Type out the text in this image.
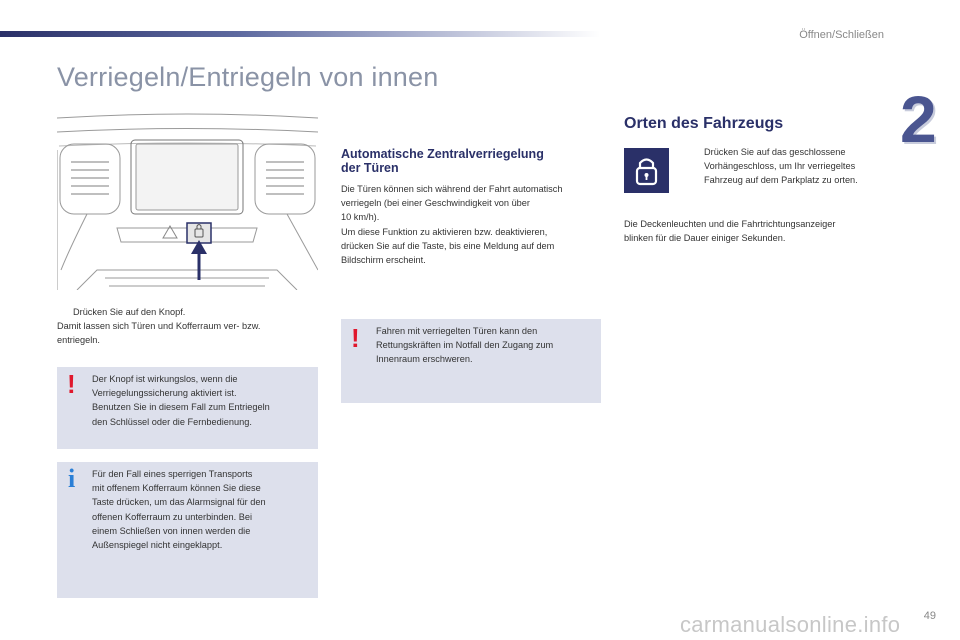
Öffnen/Schließen
2
Verriegeln/Entriegeln von innen
Drücken Sie auf den Knopf.
Damit lassen sich Türen und Kofferraum ver- bzw.
entriegeln.
! Der Knopf ist wirkungslos, wenn die
Verriegelungssicherung aktiviert ist.
Benutzen Sie in diesem Fall zum Entriegeln
den Schlüssel oder die Fernbedienung.
i Für den Fall eines sperrigen Transports
mit offenem Kofferraum können Sie diese
Taste drücken, um das Alarmsignal für den
offenen Kofferraum zu unterbinden. Bei
einem Schließen von innen werden die
Außenspiegel nicht eingeklappt.
Automatische Zentralverriegelung
der Türen
Die Türen können sich während der Fahrt automatisch
verriegeln (bei einer Geschwindigkeit von über
10 km/h).
Um diese Funktion zu aktivieren bzw. deaktivieren,
drücken Sie auf die Taste, bis eine Meldung auf dem
Bildschirm erscheint.
! Fahren mit verriegelten Türen kann den
Rettungskräften im Notfall den Zugang zum
Innenraum erschweren.
Orten des Fahrzeugs
Drücken Sie auf das geschlossene
Vorhängeschloss, um Ihr verriegeltes
Fahrzeug auf dem Parkplatz zu orten.
Die Deckenleuchten und die Fahrtrichtungsanzeiger
blinken für die Dauer einiger Sekunden.
carmanualsonline.info 49
